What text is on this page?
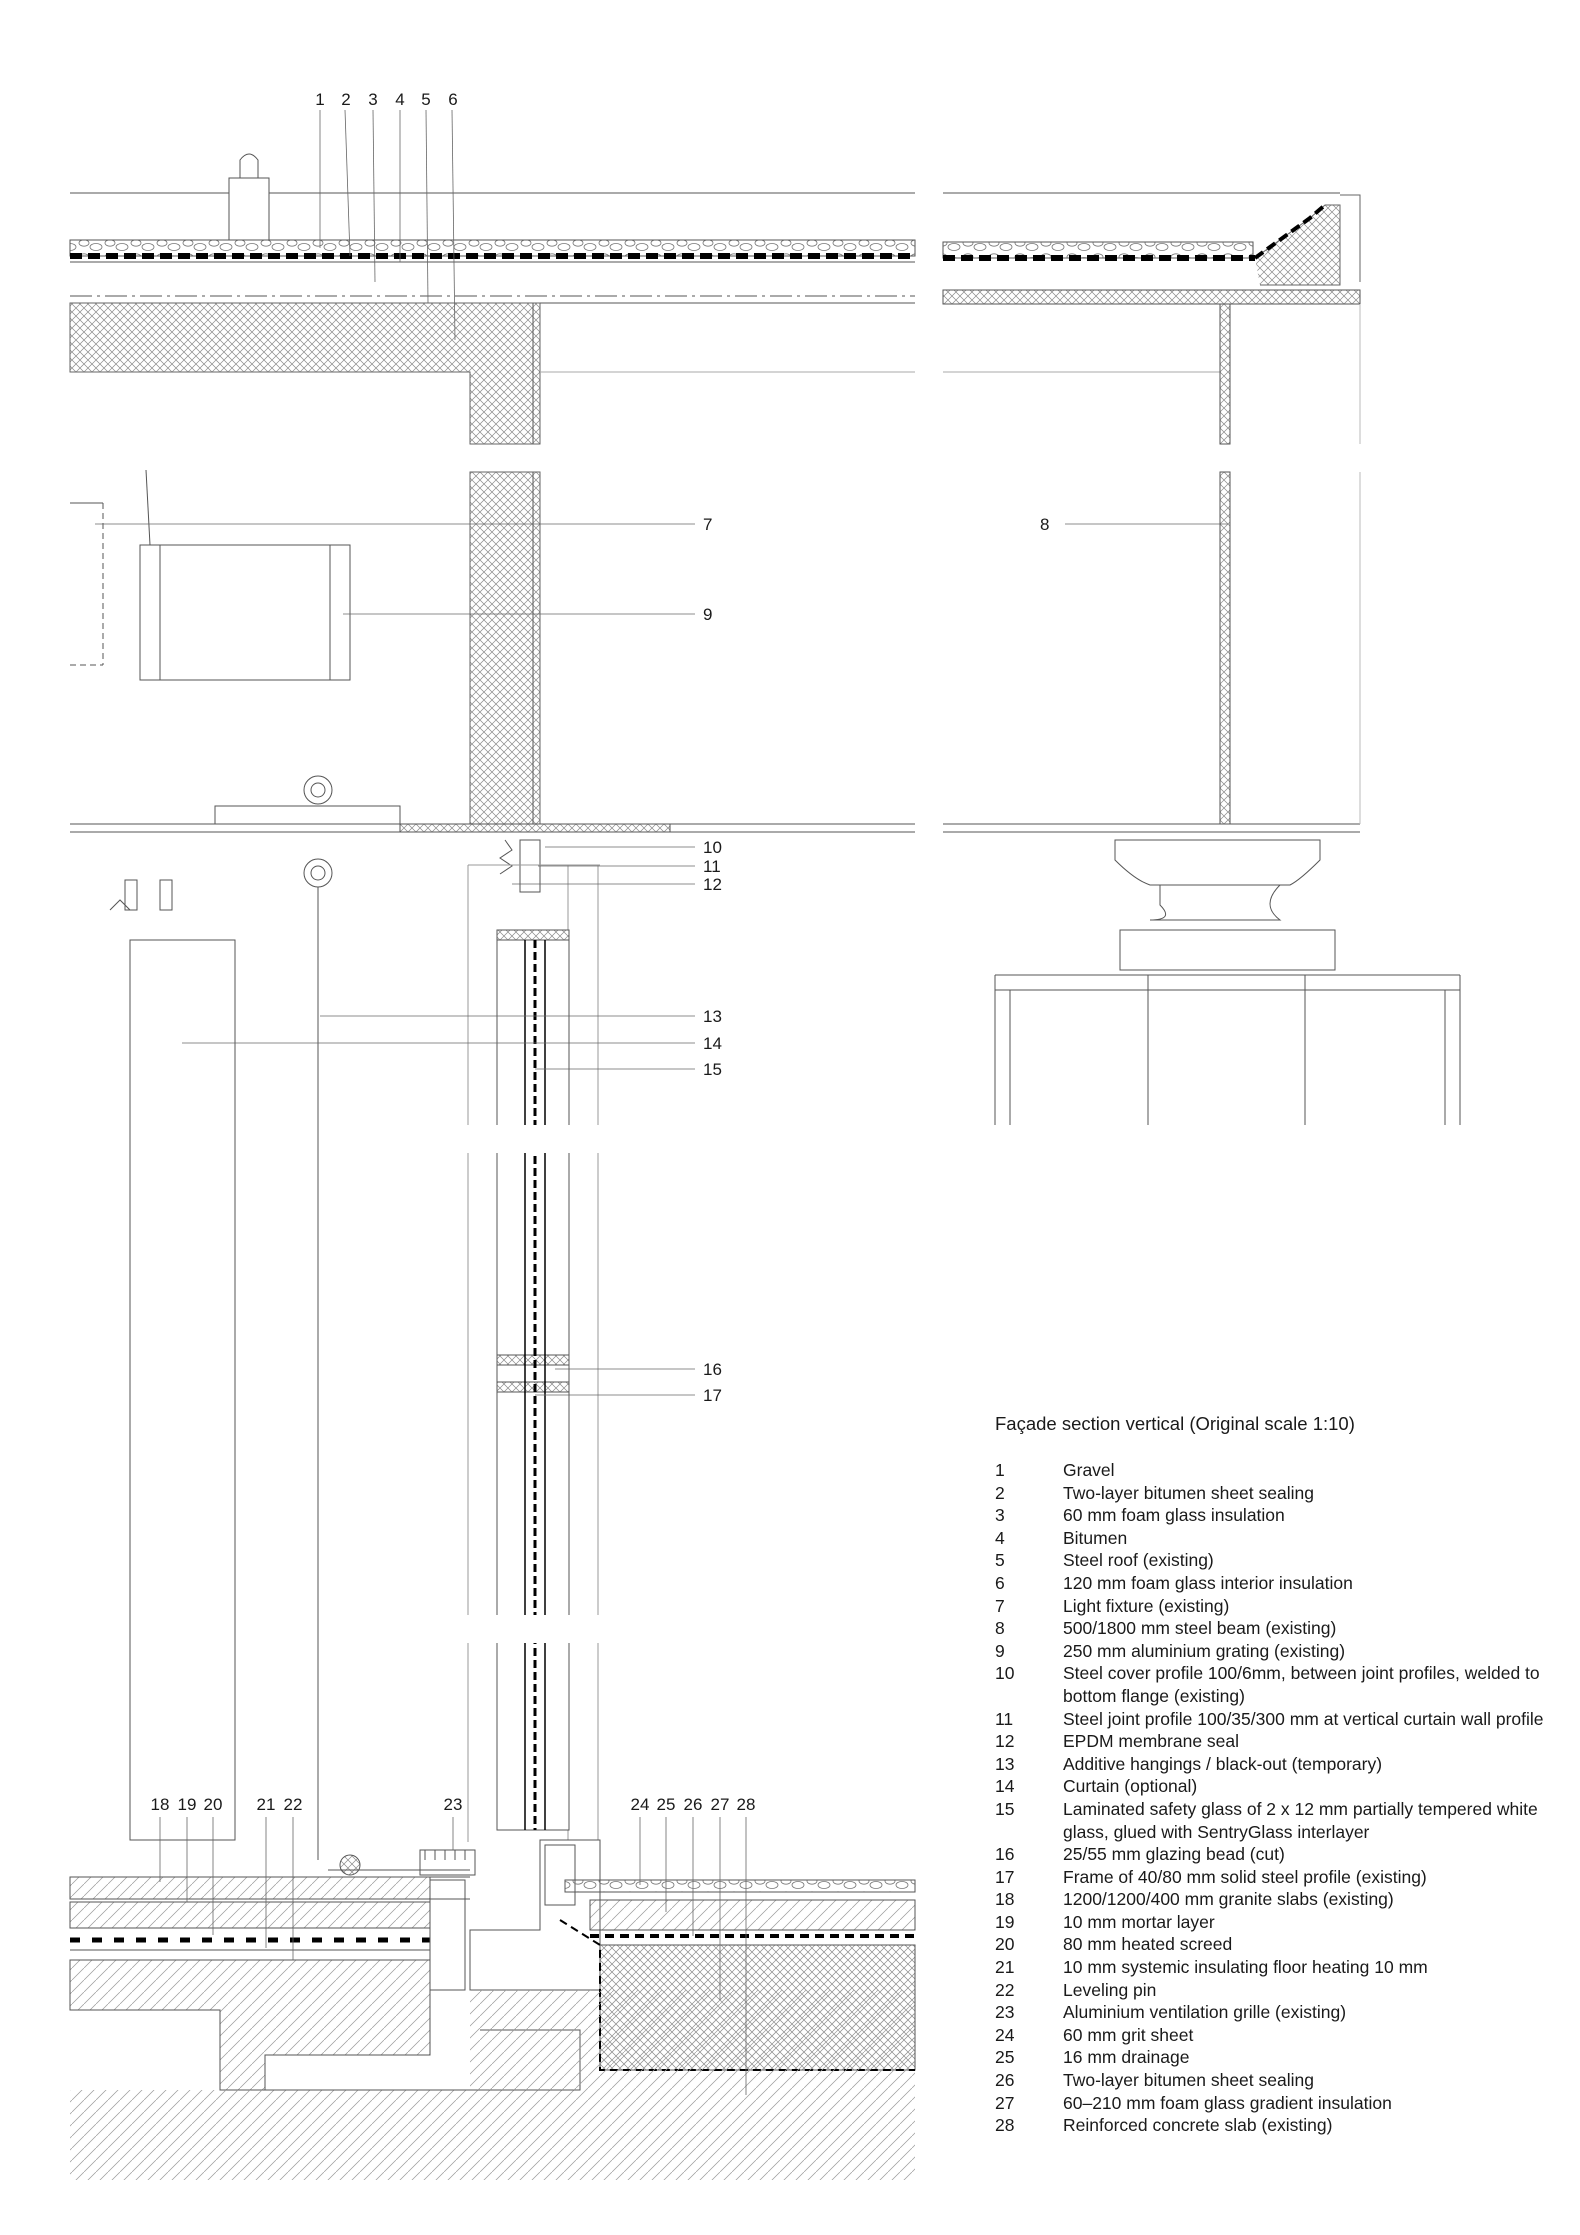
1 2 3 4 5 6
7
9
8
10
11
12
13
14
15
16
17
18 19 20 21 22	23	24 25 26 27 28
Façade section vertical (Original scale 1:10)
1	Gravel
2	Two-layer bitumen sheet sealing
3	60 mm foam glass insulation
4	Bitumen
5	Steel roof (existing)
6	120 mm foam glass interior insulation
7	Light fixture (existing)
8	500/1800 mm steel beam (existing)
9	250 mm aluminium grating (existing)
10	Steel cover profile 100/6mm, between joint profiles, welded to bottom flange (existing)
11	Steel joint profile 100/35/300 mm at vertical curtain wall profile
12	EPDM membrane seal
13	Additive hangings / black-out (temporary)
14	Curtain (optional)
15	Laminated safety glass of 2 x 12 mm partially tempered white glass, glued with SentryGlass interlayer
16	25/55 mm glazing bead (cut)
17	Frame of 40/80 mm solid steel profile (existing)
18	1200/1200/400 mm granite slabs (existing)
19	10 mm mortar layer
20	80 mm heated screed
21	10 mm systemic insulating floor heating 10 mm
22	Leveling pin
23	Aluminium ventilation grille (existing)
24	60 mm grit sheet
25	16 mm drainage
26	Two-layer bitumen sheet sealing
27	60–210 mm foam glass gradient insulation
28	Reinforced concrete slab (existing)
